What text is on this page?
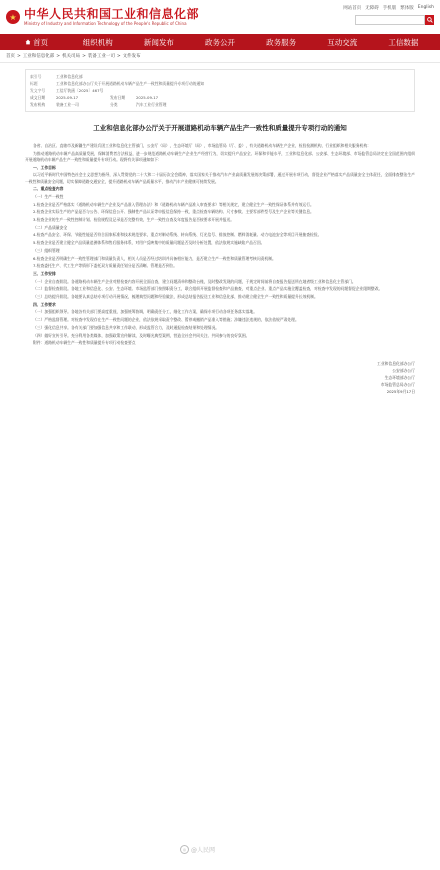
★ 中华人民共和国工业和信息化部
Ministry of Industry and Information Technology of the People's Republic of China
网站首页 无障碍 手机版 繁体版 English
首页	组织机构	新闻发布	政务公开	政务服务	互动交流	工信数据
首页 > 工业和信息化部 > 机关司局 > 装备工业一司 > 文件发布
索引号	工业和信息化部
标题	工业和信息化部办公厅关于开展道路机动车辆产品生产一致性和质量提升专项行动的通知
发文字号	工信厅装函〔2025〕467号
成文日期	2025-09-17	发布日期	2025-09-17
发布机构	装备工业一司	分类	汽车工业行业管理
工业和信息化部办公厅关于开展道路机动车辆产品生产一致性和质量提升专项行动的通知

各省、自治区、直辖市及新疆生产建设兵团工业和信息化主管部门，公安厅（局），生态环境厅（局），市场监管局（厅、委），有关道路机动车辆生产企业，检验检测机构，行业组织和相关服务机构：

为推动道路机动车辆产品高质量发展，保障消费者合法权益，进一步规范道路机动车辆生产企业生产经营行为，切实提升产品安全、环保和节能水平，工业和信息化部、公安部、生态环境部、市场监管总局决定在全国范围内组织开展道路机动车辆产品生产一致性和质量提升专项行动。现将有关事项通知如下：

一、工作目标

以习近平新时代中国特色社会主义思想为指导，深入贯彻党的二十大和二十届历次全会精神，落实国家关于推动汽车产业高质量发展的决策部署，通过开展专项行动，督促企业严格落实产品质量安全主体责任，全面排查整治生产一致性和质量安全问题，切实保障道路交通安全，提升道路机动车辆产品质量水平，推动汽车产业健康可持续发展。

二、重点检查内容

（一）生产一致性

1.检查企业是否严格落实《道路机动车辆生产企业及产品准入管理办法》和《道路机动车辆产品准入审查要求》等相关规定，建立健全生产一致性保证体系并有效运行。

2.检查企业实际生产的产品是否与公告、环保信息公开、强制性产品认证等申报信息保持一致，重点检查车辆结构、尺寸参数、主要零部件型号及生产企业等关键信息。

3.检查企业的生产一致性控制计划、检验规程及记录是否完整有效，生产一致性自查及年度报告是否按要求开展并报送。

（二）产品质量安全

4.检查产品安全、环保、节能性能是否符合国家标准和技术规范要求，重点对制动系统、转向系统、灯光信号、排放控制、燃料消耗量、动力电池安全等项目开展抽查检验。

5.检查企业是否建立健全产品质量追溯体系和售后服务体系，对用户反映集中的质量问题是否及时分析处置，依法依规实施缺陷产品召回。

（三）组织管理

6.检查企业是否明确生产一致性管理部门和质量负责人，相关人员是否经过培训并具备相应能力，是否建立生产一致性和质量管理考核问责机制。

7.检查委托生产、代工生产等情形下委托双方质量责任划分是否清晰、管理是否到位。

三、工作安排

（一）企业自查阶段。各道路机动车辆生产企业对照检查内容开展全面自查，建立问题清单和整改台账，及时整改发现的问题，于规定时间前将自查报告报送所在地省级工业和信息化主管部门。

（二）监督检查阶段。各地工业和信息化、公安、生态环境、市场监管部门按照职责分工，联合组织开展监督检查和产品抽查，对重点企业、重点产品实施全覆盖检查，对检查中发现的问题督促企业限期整改。

（三）总结提升阶段。各地要认真总结专项行动开展情况，梳理典型问题和经验做法，形成总结报告报送工业和信息化部，推动建立健全生产一致性和质量提升长效机制。

四、工作要求

（一）加强组织领导。各地各有关部门要高度重视，加强统筹协调，明确责任分工，细化工作方案，确保专项行动各项任务落实落地。

（二）严格监督管理。对检查中发现存在生产一致性问题的企业，依法依规采取责令整改、暂停或撤销产品准入等措施；涉嫌违法违规的，依法依规严肃处理。

（三）强化信息共享。各有关部门要加强信息共享和工作联动，形成监管合力，及时通报检查结果和处理情况。

（四）做好宣传引导。充分利用各类媒体，加强政策宣传解读，及时曝光典型案例，营造全社会共同关注、共同参与的良好氛围。

附件：道路机动车辆生产一致性和质量提升专项行动检查要点

工业和信息化部办公厅
公安部办公厅
生态环境部办公厅
市场监管总局办公厅
2025年9月17日
◎ @人民网
